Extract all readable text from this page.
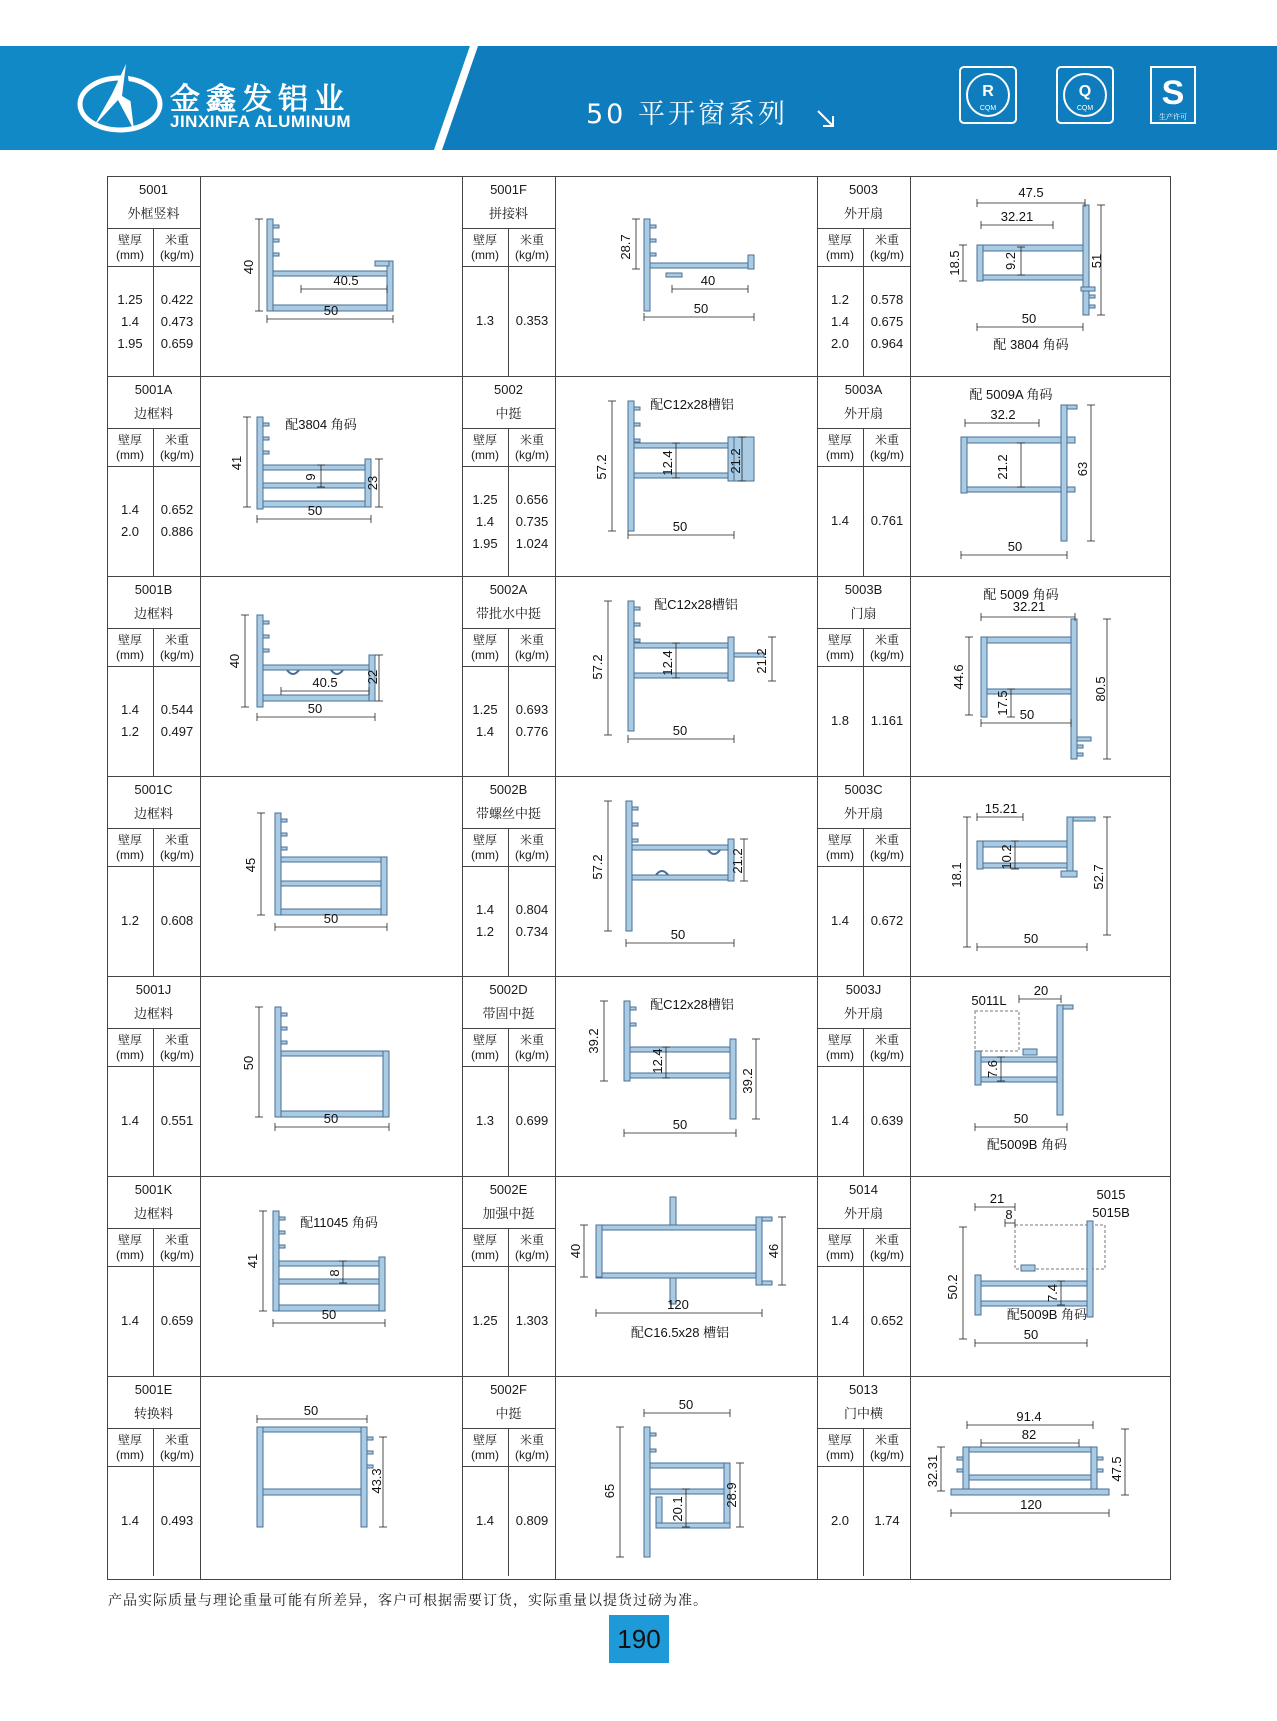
金鑫发铝业
JINXINFA ALUMINUM	50 平开窗系列
R
CQM
Q
CQM S
生产许可
5001
外框竖料
壁厚
(mm)
米重
(kg/m)
1.25	0.422
1.4	0.473
1.95	0.659
40
40.5
50
5001F
拼接料
壁厚
(mm)
米重
(kg/m)
1.3	0.353
28.7
40
50
5003
外开扇
壁厚
(mm)
米重
(kg/m)
1.2	0.578
1.4	0.675
2.0	0.964
47.5
32.21
18.5	9.2	51
50
配 3804 角码
5001A
边框料
壁厚
(mm)
米重
(kg/m)
1.4	0.652
2.0	0.886
41
9	23
50
配3804 角码
5002
中挺
壁厚
(mm)
米重
(kg/m)
1.25	0.656
1.4	0.735
1.95	1.024
57.2	12.4	21.2
50
配C12x28槽铝
5003A
外开扇
壁厚
(mm)
米重
(kg/m)
1.4	0.761
32.2
21.2	63
50
配 5009A 角码
5001B
边框料
壁厚
(mm)
米重
(kg/m)
1.4	0.544
1.2	0.497
40
40.5 22
50
5002A
带批水中挺
壁厚
(mm)
米重
(kg/m)
1.25	0.693
1.4	0.776
57.2	12.4	21.2
50
配C12x28槽铝
5003B
门扇
壁厚
(mm)
米重
(kg/m)
1.8	1.161
32.21
44.6
17.5
80.5
50
配 5009 角码
5001C
边框料
壁厚
(mm)
米重
(kg/m)
1.2	0.608
45
50
5002B
带螺丝中挺
壁厚
(mm)
米重
(kg/m)
1.4	0.804
1.2	0.734
57.2	21.2
50
5003C
外开扇
壁厚
(mm)
米重
(kg/m)
1.4	0.672
15.21
18.1
10.2
52.7
50
5001J
边框料
壁厚
(mm)
米重
(kg/m)
1.4	0.551
50
50
5002D
带固中挺
壁厚
(mm)
米重
(kg/m)
1.3	0.699
39.2
12.4
39.2
50
配C12x28槽铝
5003J
外开扇
壁厚
(mm)
米重
(kg/m)
1.4	0.639
5011L
20
7.6
50
配5009B 角码
5001K
边框料
壁厚
(mm)
米重
(kg/m)
1.4	0.659
41
8
50
配11045 角码
5002E
加强中挺
壁厚
(mm)
米重
(kg/m)
1.25	1.303
40	46
120
配C16.5x28 槽铝
5014
外开扇
壁厚
(mm)
米重
(kg/m)
1.4	0.652
21
8
5015
5015B
50.2	7.4
配5009B 角码
50
5001E
转换料
壁厚
(mm)
米重
(kg/m)
1.4	0.493
50
43.3
5002F
中挺
壁厚
(mm)
米重
(kg/m)
1.4	0.809
50
65
20.1
28.9
5013
门中横
壁厚
(mm)
米重
(kg/m)
2.0	1.74
91.4
82
32.31	47.5
120
产品实际质量与理论重量可能有所差异，客户可根据需要订货，实际重量以提货过磅为准。
190
